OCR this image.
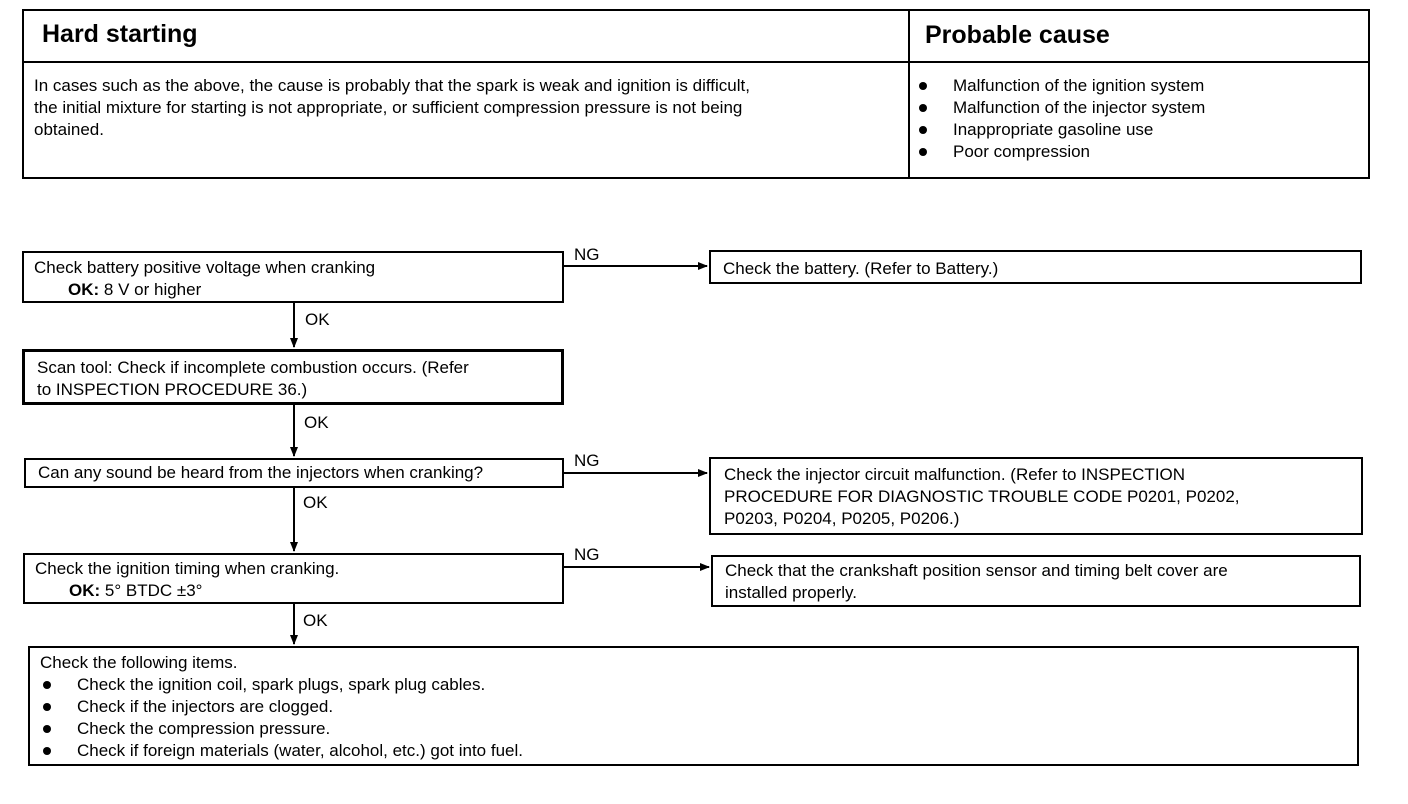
Hard starting	Probable cause
In cases such as the above, the cause is probably that the spark is weak and ignition is difficult,
the initial mixture for starting is not appropriate, or sufficient compression pressure is not being
obtained.
Malfunction of the ignition system
Malfunction of the injector system
Inappropriate gasoline use
Poor compression
OK
OK
OK
OK
NG
NG
NG
Check battery positive voltage when cranking
OK: 8 V or higher
Scan tool: Check if incomplete combustion occurs. (Refer
to INSPECTION PROCEDURE 36.)
Can any sound be heard from the injectors when cranking?
Check the ignition timing when cranking.
OK: 5° BTDC ±3°
Check the following items.
Check the ignition coil, spark plugs, spark plug cables.
Check if the injectors are clogged.
Check the compression pressure.
Check if foreign materials (water, alcohol, etc.) got into fuel.
Check the battery. (Refer to Battery.)
Check the injector circuit malfunction. (Refer to INSPECTION
PROCEDURE FOR DIAGNOSTIC TROUBLE CODE P0201, P0202,
P0203, P0204, P0205, P0206.)
Check that the crankshaft position sensor and timing belt cover are
installed properly.
